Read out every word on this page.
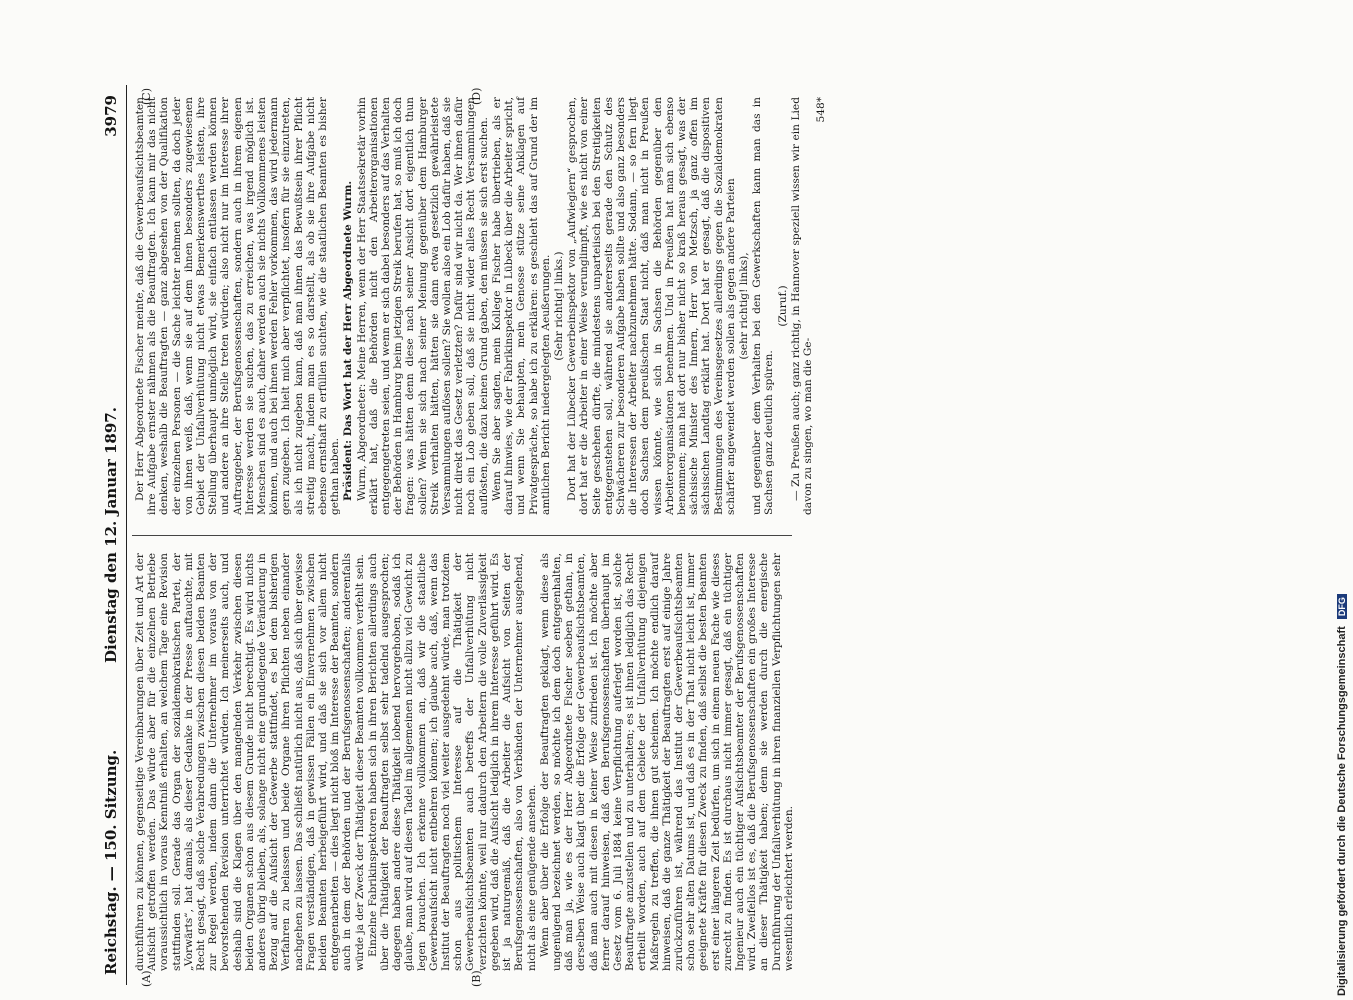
Reichstag. — 150. Sitzung.
Dienstag den 12. Januar 1897.
3979
(A)	(B)
(C)	(D)

durchführen zu können, gegenseitige Vereinbarungen über Zeit und Art der Aufsicht getroffen werden. Das würde aber für die einzelnen Betriebe voraussichtlich in voraus Kenntniß erhalten, an welchem Tage eine Revision stattfinden soll. Gerade das Organ der sozialdemokratischen Partei, der „Vorwärts“, hat damals, als dieser Gedanke in der Presse auftauchte, mit Recht gesagt, daß solche Verabredungen zwischen diesen beiden Beamten zur Regel werden, indem dann die Unternehmer im voraus von der bevorstehenden Revision unterrichtet würden. Ich meinerseits auch, und deshalb sind die Klagen über den mangelnden Verkehr zwischen diesen beiden Organen schon aus diesem Grunde nicht berechtigt. Es wird nichts anderes übrig bleiben, als, solange nicht eine grundlegende Veränderung in Bezug auf die Aufsicht der Gewerbe stattfindet, es bei dem bisherigen Verfahren zu belassen und beide Organe ihren Pflichten neben einander nachgehen zu lassen. Das schließt natürlich nicht aus, daß sich über gewisse Fragen verständigen, daß in gewissen Fällen ein Einvernehmen zwischen beiden Beamten herbeigeführt wird, und daß sie sich vor allem nicht entgegenarbeiten — dies liegt nicht bloß im Interesse der Beamten, sondern auch in dem der Behörden und der Berufsgenossenschaften; anderenfalls würde ja der Zweck der Thätigkeit dieser Beamten vollkommen verfehlt sein. Einzelne Fabrikinspektoren haben sich in ihren Berichten allerdings auch über die Thätigkeit der Beauftragten selbst sehr tadelnd ausgesprochen; dagegen haben andere diese Thätigkeit lobend hervorgehoben, sodaß ich glaube, man wird auf diesen Tadel im allgemeinen nicht allzu viel Gewicht zu legen brauchen. Ich erkenne vollkommen an, daß wir die staatliche Gewerbeaufsicht nicht entbehren können; ich glaube auch, daß, wenn das Institut der Beauftragten noch viel weiter ausgedehnt würde, man trotzdem schon aus politischem Interesse auf die Thätigkeit der Gewerbeaufsichtsbeamten auch betreffs der Unfallverhütung nicht verzichten könnte, weil nur dadurch den Arbeitern die volle Zuverlässigkeit gegeben wird, daß die Aufsicht lediglich in ihrem Interesse geführt wird. Es ist ja naturgemäß, daß die Arbeiter die Aufsicht von Seiten der Berufsgenossenschaften, also von Verbänden der Unternehmer ausgehend, nicht als eine genügende ansehen. Wenn aber über die Erfolge der Beauftragten geklagt, wenn diese als ungenügend bezeichnet werden, so möchte ich dem doch entgegenhalten, daß man ja, wie es der Herr Abgeordnete Fischer soeben gethan, in derselben Weise auch klagt über die Erfolge der Gewerbeaufsichtsbeamten, daß man auch mit diesen in keiner Weise zufrieden ist. Ich möchte aber ferner darauf hinweisen, daß den Berufsgenossenschaften überhaupt im Gesetz vom 6. Juli 1884 keine Verpflichtung auferlegt worden ist, solche Beauftragte anzustellen und zu unterhalten; es ist ihnen lediglich das Recht ertheilt worden, auch auf dem Gebiete der Unfallverhütung diejenigen Maßregeln zu treffen, die ihnen gut scheinen. Ich möchte endlich darauf hinweisen, daß die ganze Thätigkeit der Beauftragten erst auf einige Jahre zurückzuführen ist, während das Institut der Gewerbeaufsichtsbeamten schon sehr alten Datums ist, und daß es in der That nicht leicht ist, immer geeignete Kräfte für diesen Zweck zu finden, daß selbst die besten Beamten erst einer längeren Zeit bedürfen, um sich in einem neuen Fache wie dieses zurecht zu finden. Es ist durchaus nicht immer gesagt, daß ein tüchtiger Ingenieur auch ein tüchtiger Aufsichtsbeamter der Berufsgenossenschaften wird. Zweifellos ist es, daß die Berufsgenossenschaften ein großes Interesse an dieser Thätigkeit haben; denn sie werden durch die energische Durchführung der Unfallverhütung in ihren finanziellen Verpflichtungen sehr wesentlich erleichtert werden.

Der Herr Abgeordnete Fischer meinte, daß die Gewerbeaufsichtsbeamten ihre Aufgabe ernster nähmen als die Beauftragten. Ich kann mir das nicht denken, weshalb die Beauftragten — ganz abgesehen von der Qualifikation der einzelnen Personen — die Sache leichter nehmen sollten, da doch jeder von ihnen weiß, daß, wenn sie auf dem ihnen besonders zugewiesenen Gebiet der Unfallverhütung nicht etwas Bemerkenswerthes leisten, ihre Stellung überhaupt unmöglich wird, sie einfach entlassen werden können und andere an ihre Stelle treten würden; also nicht nur im Interesse ihrer Auftraggeber, der Berufsgenossenschaften, sondern auch in ihrem eigenen Interesse werden sie suchen, das zu erreichen, was irgend möglich ist. Menschen sind es auch, daher werden auch sie nichts Vollkommenes leisten können, und auch bei ihnen werden Fehler vorkommen, das wird jedermann gern zugeben. Ich hielt mich aber verpflichtet, insofern für sie einzutreten, als ich nicht zugeben kann, daß man ihnen das Bewußtsein ihrer Pflicht streitig macht, indem man es so darstellt, als ob sie ihre Aufgabe nicht ebenso ernsthaft zu erfüllen suchten, wie die staatlichen Beamten es bisher gethan haben. Präsident: Das Wort hat der Herr Abgeordnete Wurm. Wurm, Abgeordneter: Meine Herren, wenn der Herr Staatssekretär vorhin erklärt hat, daß die Behörden nicht den Arbeiterorganisationen entgegengetreten seien, und wenn er sich dabei besonders auf das Verhalten der Behörden in Hamburg beim jetzigen Streik berufen hat, so muß ich doch fragen: was hätten denn diese nach seiner Ansicht dort eigentlich thun sollen? Wenn sie sich nach seiner Meinung gegenüber dem Hamburger Streik verhalten hätten, hätten sie dann etwa gesetzlich gewährleistete Versammlungen auflösen sollen? Sie wollen also ein Lob dafür haben, daß sie nicht direkt das Gesetz verletzten? Dafür sind wir nicht da. Wer ihnen dafür noch ein Lob geben soll, daß sie nicht wider alles Recht Versammlungen auflösten, die dazu keinen Grund gaben, den müssen sie sich erst suchen. Wenn Sie aber sagten, mein Kollege Fischer habe übertrieben, als er darauf hinwies, wie der Fabrikinspektor in Lübeck über die Arbeiter spricht, und wenn Sie behaupten, mein Genosse stütze seine Anklagen auf Privatgespräche, so habe ich zu erklären: es geschieht das auf Grund der im amtlichen Bericht niedergelegten Aeußerungen. (Sehr richtig! links.) Dort hat der Lübecker Gewerbeinspektor von „Aufwieglern“ gesprochen, dort hat er die Arbeiter in einer Weise verunglimpft, wie es nicht von einer Seite geschehen dürfte, die mindestens unparteiisch bei den Streitigkeiten entgegenstehen soll, während sie andererseits gerade den Schutz des Schwächeren zur besonderen Aufgabe haben sollte und also ganz besonders die Interessen der Arbeiter nachzunehmen hätte. Sodann, — so fern liegt doch Sachsen dem preußischen Staat nicht, daß man nicht in Preußen wissen könnte, wie sich in Sachsen die Behörden gegenüber den Arbeiterorganisationen benehmen. Und in Preußen hat man sich ebenso benommen; man hat dort nur bisher nicht so kraß heraus gesagt, was der sächsische Minister des Innern, Herr von Metzsch, ja ganz offen im sächsischen Landtag erklärt hat. Dort hat er gesagt, daß die dispositiven Bestimmungen des Vereinsgesetzes allerdings gegen die Sozialdemokraten schärfer angewendet werden sollen als gegen andere Parteien (sehr richtig! links), und gegenüber dem Verhalten bei den Gewerkschaften kann man das in Sachsen ganz deutlich spüren.

(Zuruf.) — Zu Preußen auch; ganz richtig, in Hannover speziell wissen wir ein Lied davon zu singen, wo man die Ge-

548*

Digitalisierung gefördert durch die Deutsche Forschungsgemeinschaft DFG
